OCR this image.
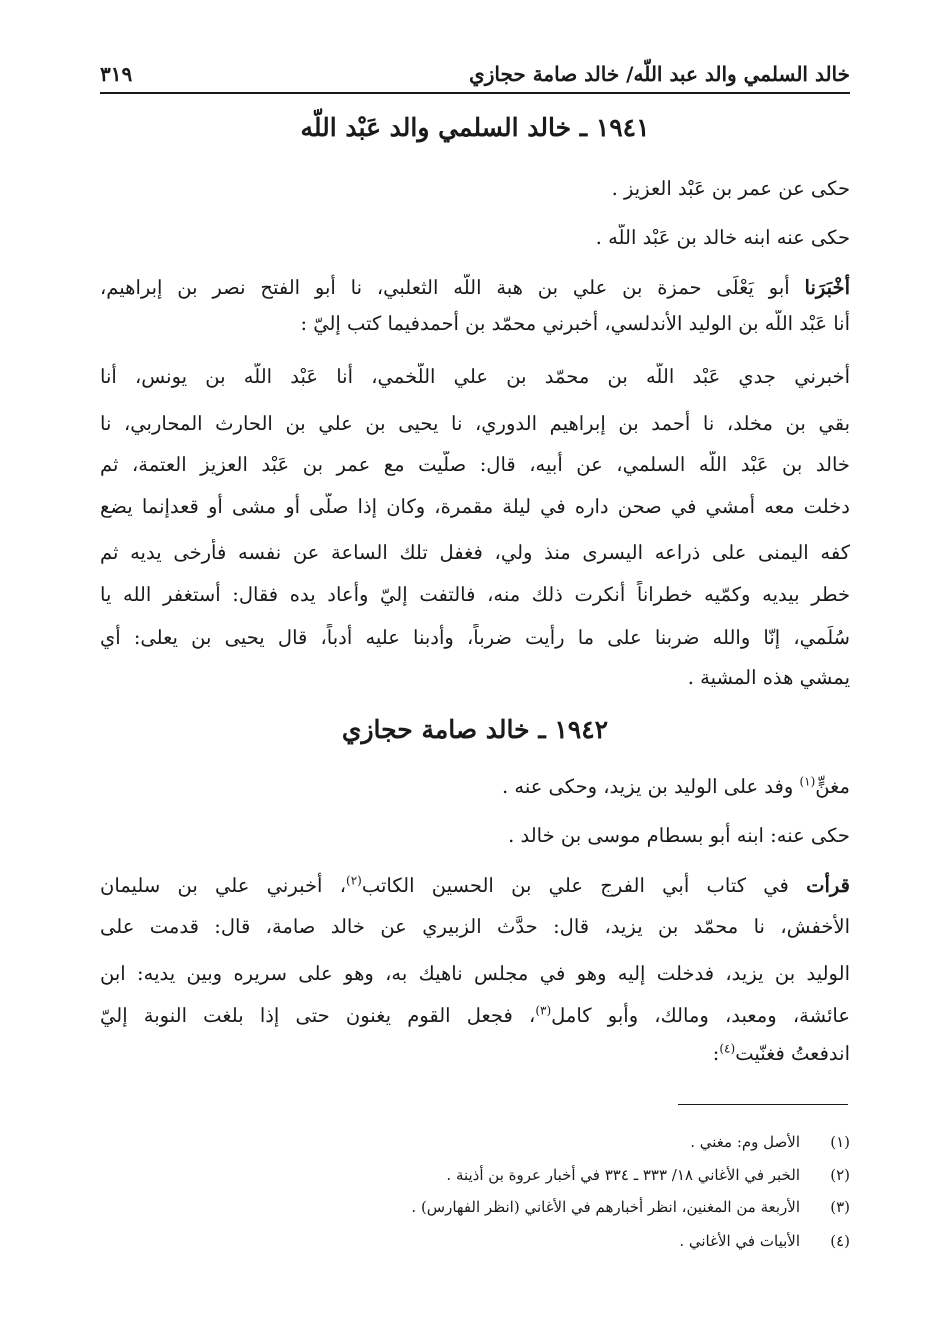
خالد السلمي والد عبد اللّه/ خالد صامة حجازي
٣١٩
١٩٤١ ـ خالد السلمي والد عَبْد اللّه
حكى عن عمر بن عَبْد العزيز .
حكى عنه ابنه خالد بن عَبْد اللّه .
أخْبَرَنا أبو يَعْلَى حمزة بن علي بن هبة اللّه الثعلبي، نا أبو الفتح نصر بن إبراهيم،
أنا عَبْد اللّه بن الوليد الأندلسي، أخبرني محمّد بن أحمدفيما كتب إليّ :
أخبرني جدي عَبْد اللّه بن محمّد بن علي اللّخمي، أنا عَبْد اللّه بن يونس، أنا
بقي بن مخلد، نا أحمد بن إبراهيم الدوري، نا يحيى بن علي بن الحارث المحاربي، نا
خالد بن عَبْد اللّه السلمي، عن أبيه، قال: صلّيت مع عمر بن عَبْد العزيز العتمة، ثم
دخلت معه أمشي في صحن داره في ليلة مقمرة، وكان إذا صلّى أو مشى أو قعدإنما يضع
كفه اليمنى على ذراعه اليسرى منذ ولي، فغفل تلك الساعة عن نفسه فأرخى يديه ثم
خطر بيديه وكمّيه خطراناً أنكرت ذلك منه، فالتفت إليّ وأعاد يده فقال: أستغفر الله يا
سُلَمي، إنّا والله ضربنا على ما رأيت ضرباً، وأدبنا عليه أدباً، قال يحيى بن يعلى: أي
يمشي هذه المشية .
١٩٤٢ ـ خالد صامة حجازي
مغنٍّ$^{(١)}$ وفد على الوليد بن يزيد، وحكى عنه .
حكى عنه: ابنه أبو بسطام موسى بن خالد .
قرأت في كتاب أبي الفرج علي بن الحسين الكاتب$^{(٢)}$، أخبرني علي بن سليمان
الأخفش، نا محمّد بن يزيد، قال: حدَّث الزبيري عن خالد صامة، قال: قدمت على
الوليد بن يزيد، فدخلت إليه وهو في مجلس ناهيك به، وهو على سريره وبين يديه: ابن
عائشة، ومعبد، ومالك، وأبو كامل$^{(٣)}$، فجعل القوم يغنون حتى إذا بلغت النوبة إليّ
اندفعتُ فغنّيت$^{(٤)}$:
(١)
الأصل وم: مغني .
(٢)
الخبر في الأغاني ١٨/ ٣٣٣ ـ ٣٣٤ في أخبار عروة بن أذينة .
(٣)
الأربعة من المغنين، انظر أخبارهم في الأغاني (انظر الفهارس) .
(٤)
الأبيات في الأغاني .
